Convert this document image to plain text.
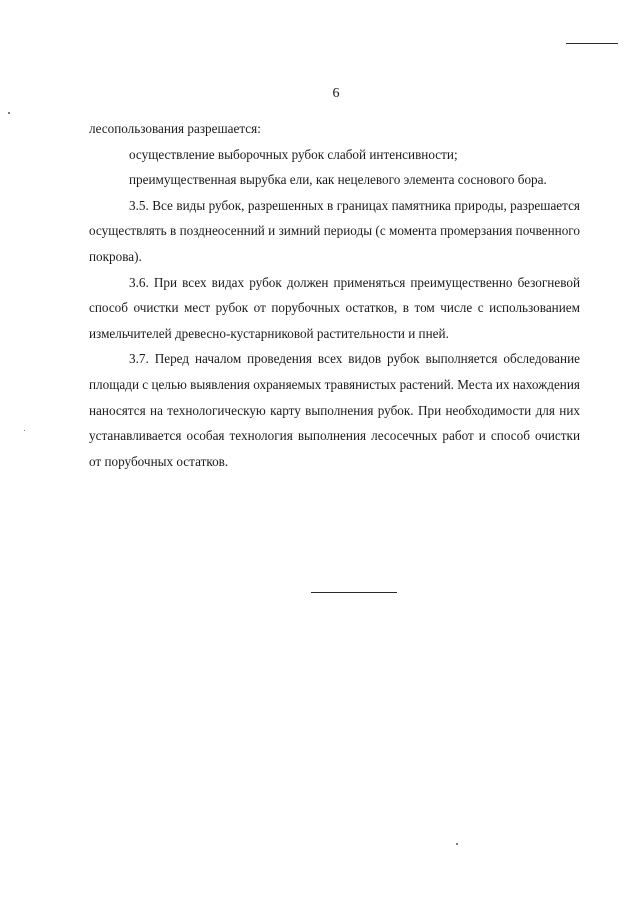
6

лесопользования разрешается:

осуществление выборочных рубок слабой интенсивности;

преимущественная вырубка ели, как нецелевого элемента соснового бора.

3.5. Все виды рубок, разрешенных в границах памятника природы, разрешается осуществлять в позднеосенний и зимний периоды (с момента промерзания почвенного покрова).

3.6. При всех видах рубок должен применяться преимущественно безогневой способ очистки мест рубок от порубочных остатков, в том числе с использованием измельчителей древесно-кустарниковой растительности и пней.

3.7. Перед началом проведения всех видов рубок выполняется обследование площади с целью выявления охраняемых травянистых растений. Места их нахождения наносятся на технологическую карту выполнения рубок. При необходимости для них устанавливается особая технология выполнения лесосечных работ и способ очистки от порубочных остатков.
